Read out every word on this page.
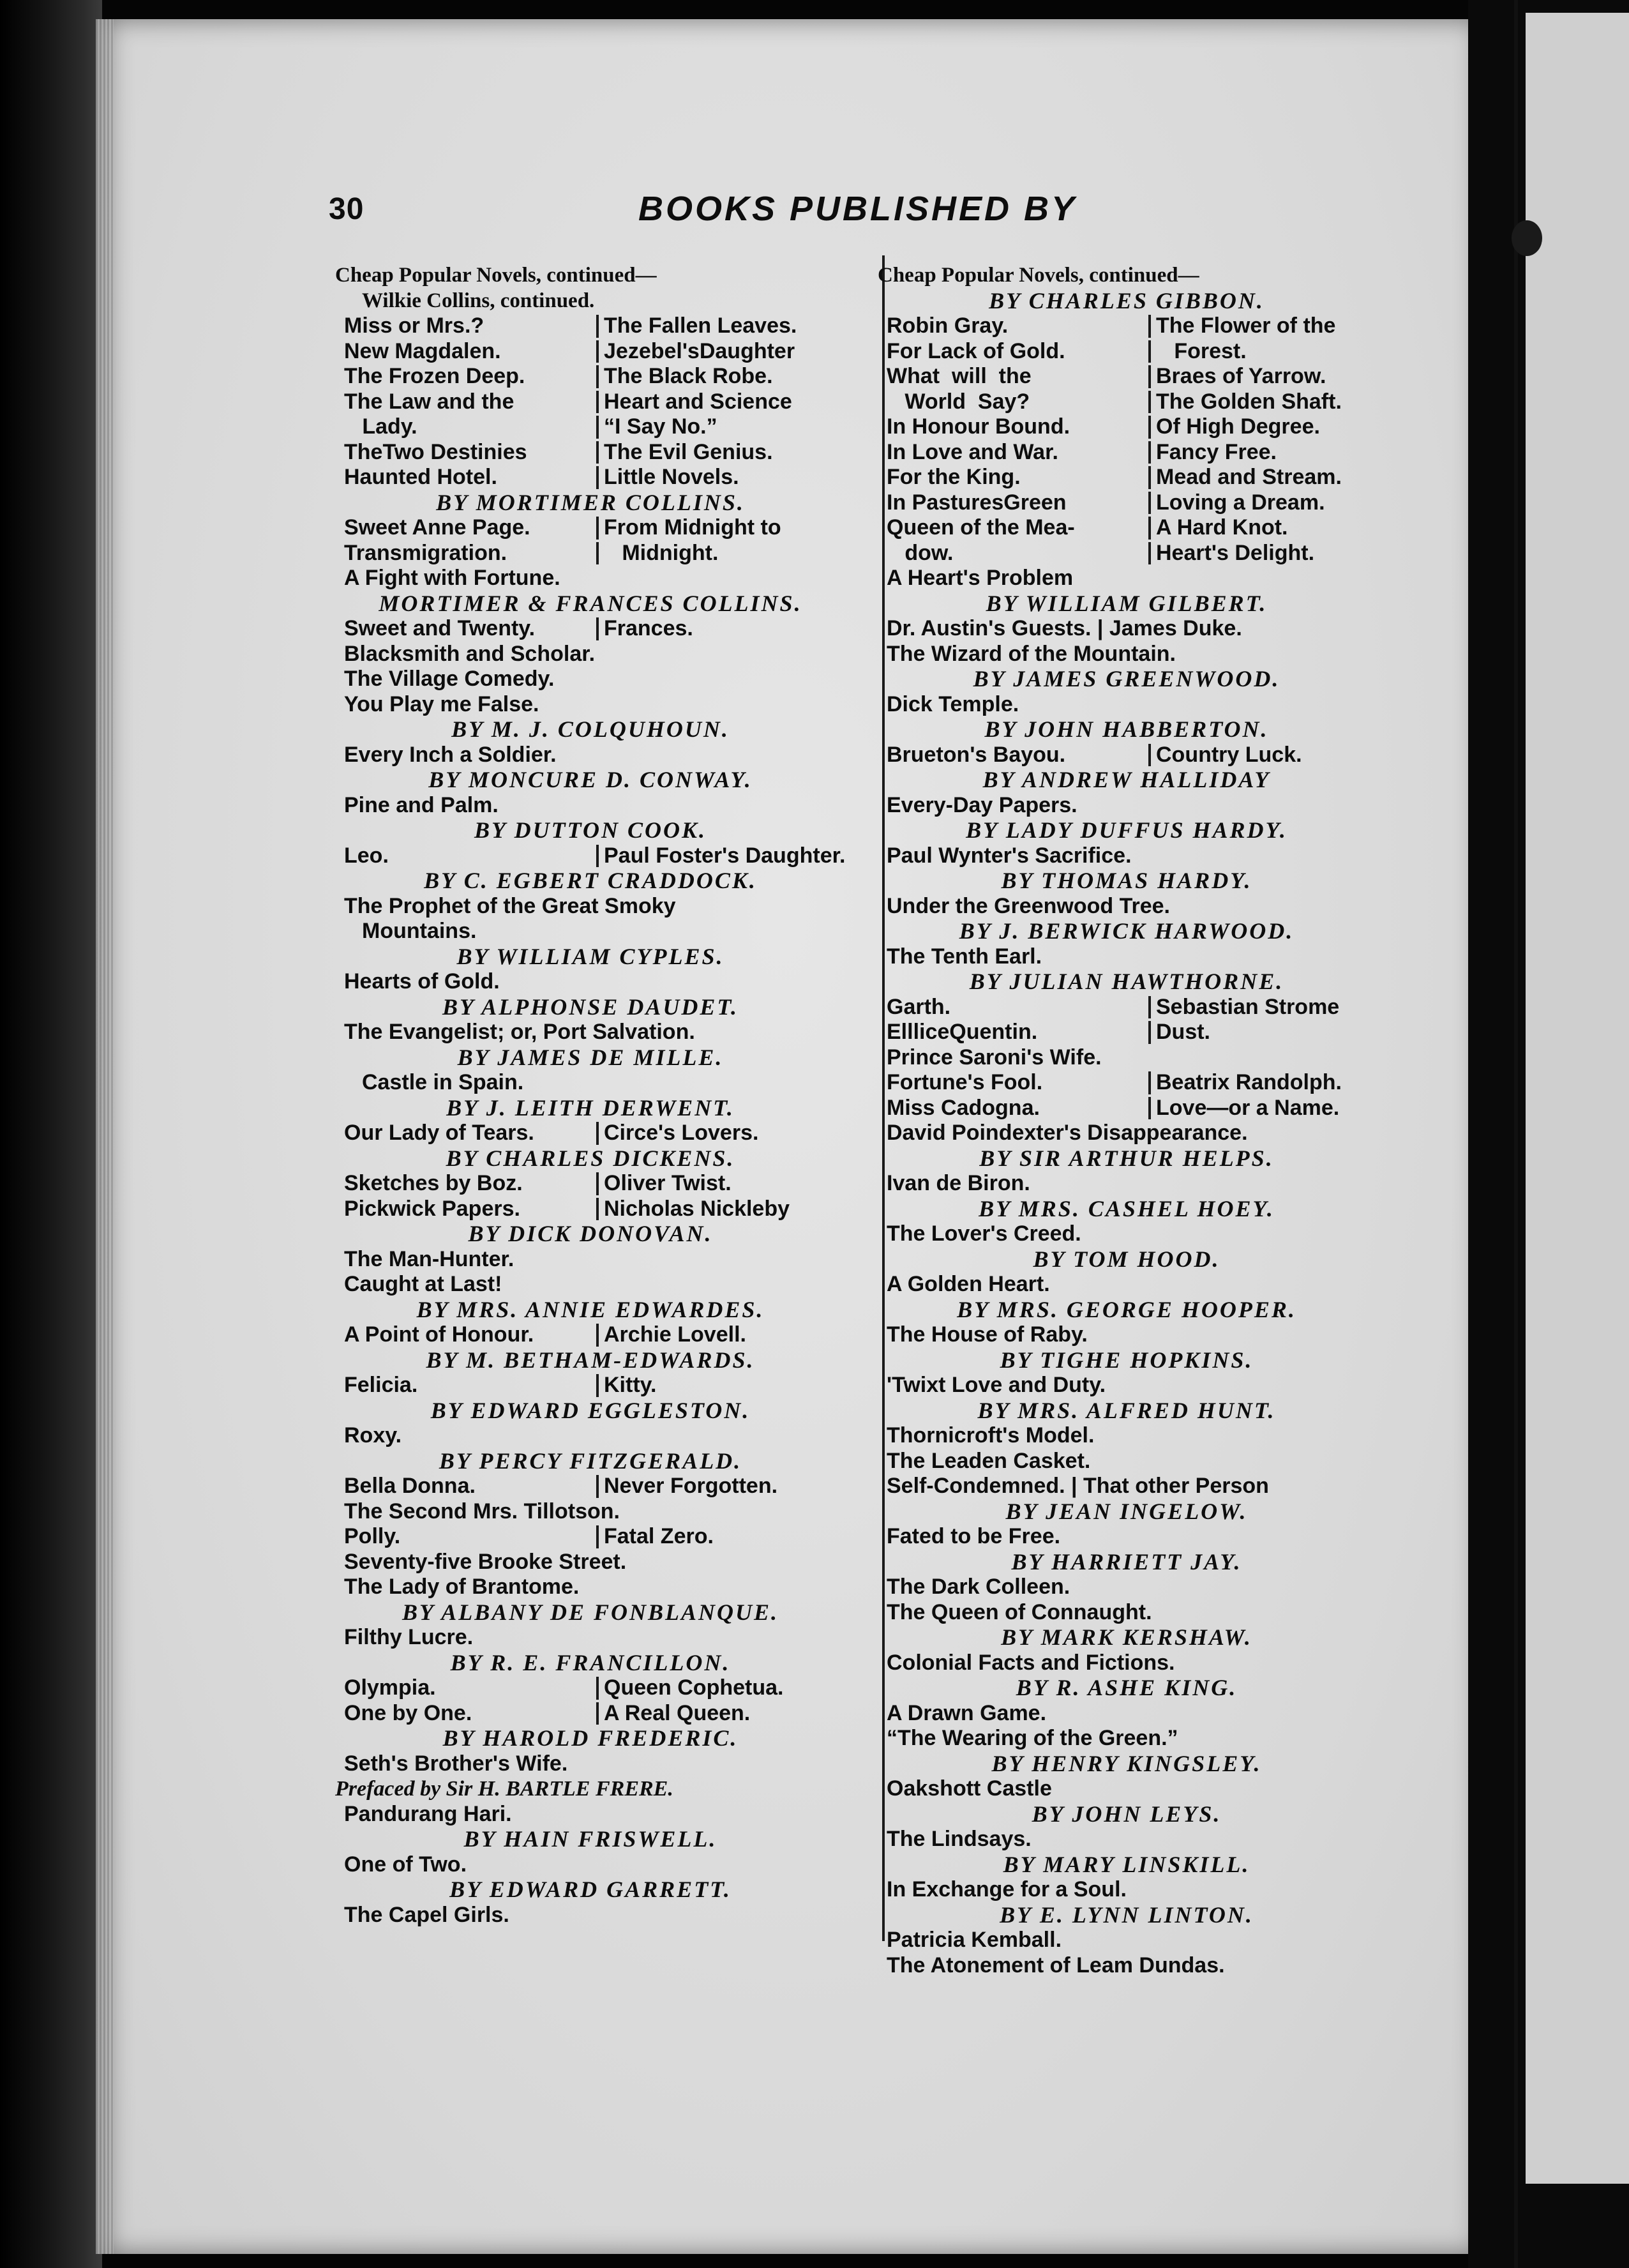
30	BOOKS PUBLISHED BY
Cheap Popular Novels, continued—
Wilkie Collins, continued.
Miss or Mrs.?	The Fallen Leaves.
New Magdalen.	Jezebel'sDaughter
The Frozen Deep.	The Black Robe.
The Law and the	Heart and Science
Lady.	“I Say No.”
TheTwo Destinies	The Evil Genius.
Haunted Hotel.	Little Novels.
BY MORTIMER COLLINS.
Sweet Anne Page.	From Midnight to
Transmigration.	Midnight.
A Fight with Fortune.
MORTIMER & FRANCES COLLINS.
Sweet and Twenty.	Frances.
Blacksmith and Scholar.
The Village Comedy.
You Play me False.
BY M. J. COLQUHOUN.
Every Inch a Soldier.
BY MONCURE D. CONWAY.
Pine and Palm.
BY DUTTON COOK.
Leo.	Paul Foster's Daughter.
BY C. EGBERT CRADDOCK.
The Prophet of the Great Smoky
Mountains.
BY WILLIAM CYPLES.
Hearts of Gold.
BY ALPHONSE DAUDET.
The Evangelist; or, Port Salvation.
BY JAMES DE MILLE.
Castle in Spain.
BY J. LEITH DERWENT.
Our Lady of Tears.	Circe's Lovers.
BY CHARLES DICKENS.
Sketches by Boz.	Oliver Twist.
Pickwick Papers.	Nicholas Nickleby
BY DICK DONOVAN.
The Man-Hunter.
Caught at Last!
BY MRS. ANNIE EDWARDES.
A Point of Honour.	Archie Lovell.
BY M. BETHAM-EDWARDS.
Felicia.	Kitty.
BY EDWARD EGGLESTON.
Roxy.
BY PERCY FITZGERALD.
Bella Donna.	Never Forgotten.
The Second Mrs. Tillotson.
Polly.	Fatal Zero.
Seventy-five Brooke Street.
The Lady of Brantome.
BY ALBANY DE FONBLANQUE.
Filthy Lucre.
BY R. E. FRANCILLON.
Olympia.	Queen Cophetua.
One by One.	A Real Queen.
BY HAROLD FREDERIC.
Seth's Brother's Wife.
Prefaced by Sir H. BARTLE FRERE.
Pandurang Hari.
BY HAIN FRISWELL.
One of Two.
BY EDWARD GARRETT.
The Capel Girls.
Cheap Popular Novels, continued—
BY CHARLES GIBBON.
Robin Gray.	The Flower of the
For Lack of Gold.	Forest.
What  will  the	Braes of Yarrow.
World  Say?	The Golden Shaft.
In Honour Bound.	Of High Degree.
In Love and War.	Fancy Free.
For the King.	Mead and Stream.
In PasturesGreen	Loving a Dream.
Queen of the Mea-	A Hard Knot.
dow.	Heart's Delight.
A Heart's Problem
BY WILLIAM GILBERT.
Dr. Austin's Guests. | James Duke.
The Wizard of the Mountain.
BY JAMES GREENWOOD.
Dick Temple.
BY JOHN HABBERTON.
Brueton's Bayou.	Country Luck.
BY ANDREW HALLIDAY
Every-Day Papers.
BY LADY DUFFUS HARDY.
Paul Wynter's Sacrifice.
BY THOMAS HARDY.
Under the Greenwood Tree.
BY J. BERWICK HARWOOD.
The Tenth Earl.
BY JULIAN HAWTHORNE.
Garth.	Sebastian Strome
EllliceQuentin.	Dust.
Prince Saroni's Wife.
Fortune's Fool.	Beatrix Randolph.
Miss Cadogna.	Love—or a Name.
David Poindexter's Disappearance.
BY SIR ARTHUR HELPS.
Ivan de Biron.
BY MRS. CASHEL HOEY.
The Lover's Creed.
BY TOM HOOD.
A Golden Heart.
BY MRS. GEORGE HOOPER.
The House of Raby.
BY TIGHE HOPKINS.
'Twixt Love and Duty.
BY MRS. ALFRED HUNT.
Thornicroft's Model.
The Leaden Casket.
Self-Condemned. | That other Person
BY JEAN INGELOW.
Fated to be Free.
BY HARRIETT JAY.
The Dark Colleen.
The Queen of Connaught.
BY MARK KERSHAW.
Colonial Facts and Fictions.
BY R. ASHE KING.
A Drawn Game.
“The Wearing of the Green.”
BY HENRY KINGSLEY.
Oakshott Castle
BY JOHN LEYS.
The Lindsays.
BY MARY LINSKILL.
In Exchange for a Soul.
BY E. LYNN LINTON.
Patricia Kemball.
The Atonement of Leam Dundas.
